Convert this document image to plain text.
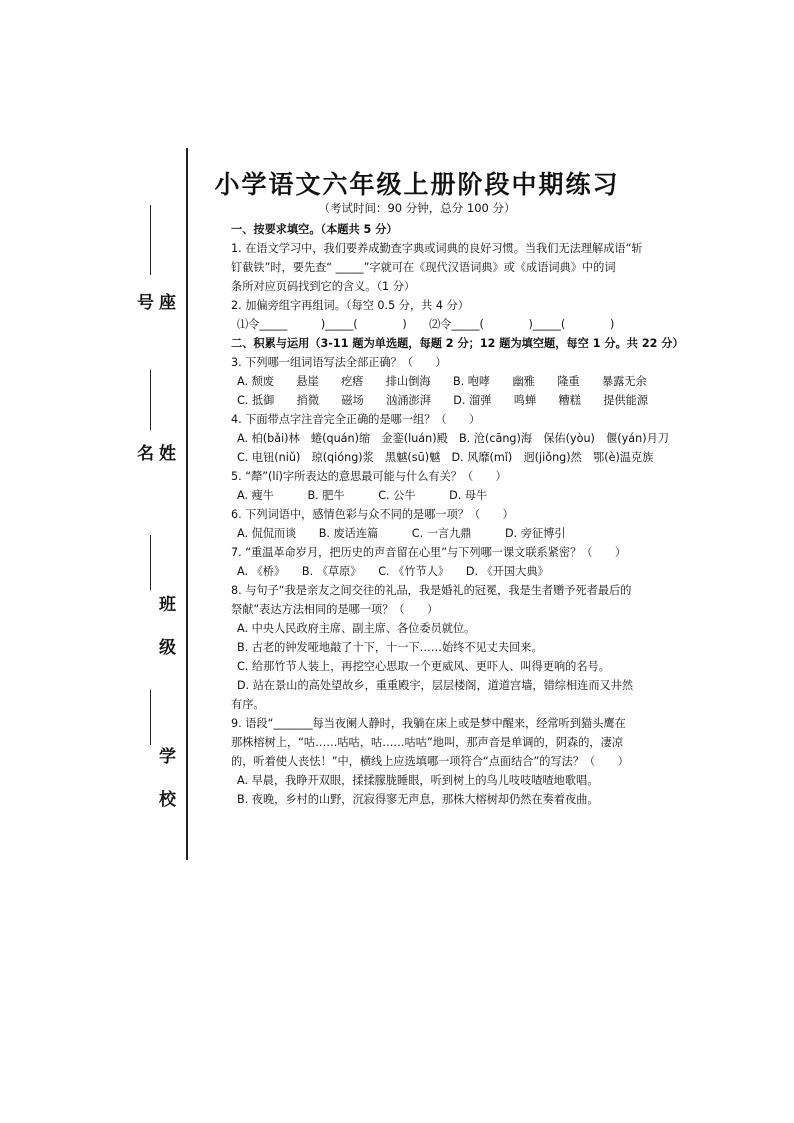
座 号
姓 名
班 级
学 校
小学语文六年级上册阶段中期练习
（考试时间：90 分钟，总分 100 分）

一、按要求填空。（本题共 5 分）

1. 在语文学习中，我们要养成勤查字典或词典的良好习惯。当我们无法理解成语“斩

钉截铁”时，要先查“ _____”字就可在《现代汉语词典》或《成语词典》中的词

条所对应页码找到它的含义。（1 分）

2. 加偏旁组字再组词。（每空 0.5 分，共 4 分）

⑴令_____　　　)_____(　　　　)　　⑵令_____(　　　　)_____(　　　　)

二、积累与运用（3-11 题为单选题，每题 2 分；12 题为填空题，每空 1 分。共 22 分）

3. 下列哪一组词语写法全部正确？（　　）

A. 颓废　　悬崖　　疙瘩　　排山倒海　　B. 咆哮　　幽雅　　隆重　　暴露无余

C. 抵御　　捎微　　磁场　　汹涌澎湃　　D. 溜弹　　鸣蝉　　糟糕　　提供能源

4. 下面带点字注音完全正确的是哪一组？（　　）

A. 柏(bǎi)林　蜷(quán)缩　金銮(luán)殿　B. 沧(cāng)海　保佑(yòu)　偃(yán)月刀

C. 电钮(niǔ)　琼(qióng)浆　黑魆(sū)魆　D. 风靡(mǐ)　迥(jiǒng)然　鄂(è)温克族

5. “犛”(lí)字所表达的意思最可能与什么有关？（　　）

A. 瘦牛　　　B. 肥牛　　　C. 公牛　　　D. 母牛

6. 下列词语中，感情色彩与众不同的是哪一项？（　　）

A. 侃侃而谈　　B. 废话连篇　　　C. 一言九鼎　　　D. 旁征博引

7. “重温革命岁月，把历史的声音留在心里”与下列哪一课文联系紧密？（　　）

A. 《桥》　　B. 《草原》　　C. 《竹节人》　　D. 《开国大典》

8. 与句子“我是亲友之间交往的礼品，我是婚礼的冠冕，我是生者赠予死者最后的

祭献”表达方法相同的是哪一项？（　　）

A. 中央人民政府主席、副主席、各位委员就位。

B. 古老的钟发哑地敲了十下，十一下……始终不见丈夫回来。

C. 给那竹节人装上，再挖空心思取一个更威风、更吓人、叫得更响的名号。

D. 站在景山的高处望故乡，重重殿宇，层层楼阁，道道宫墙，错综相连而又井然

有序。

9. 语段“_______每当夜阑人静时，我躺在床上或是梦中醒来，经常听到猫头鹰在

那株榕树上，“咕……咕咕，咕……咕咕”地叫，那声音是单调的，阴森的，凄凉

的，听着使人丧怯！”中，横线上应选填哪一项符合“点面结合”的写法？（　　）

A. 早晨，我睁开双眼，揉揉朦胧睡眼，听到树上的鸟儿吱吱喳喳地歌唱。

B. 夜晚，乡村的山野，沉寂得寥无声息，那株大榕树却仍然在奏着夜曲。
